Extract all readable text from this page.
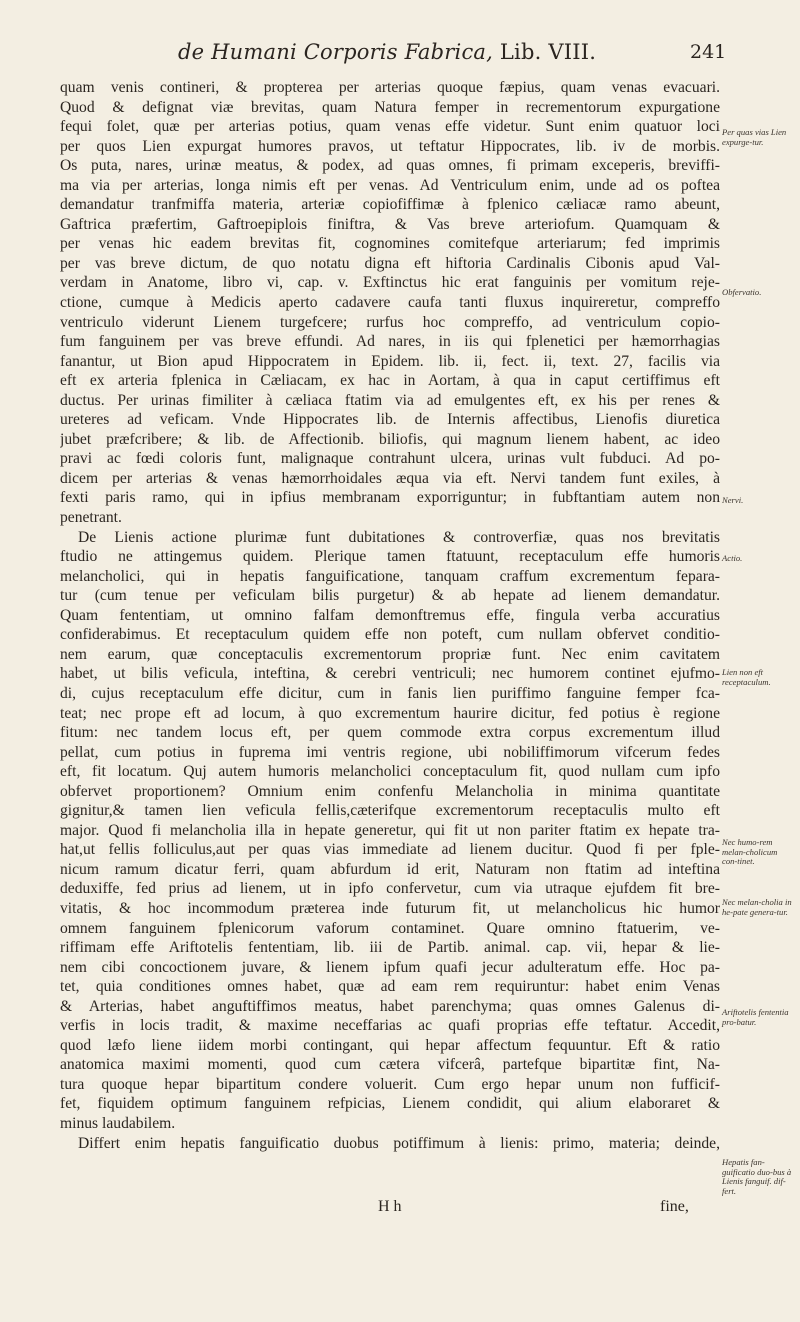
de Humani Corporis Fabrica, Lib. VIII.	241
quam venis contineri, & propterea per arterias quoque fæpius, quam venas evacuari.
Quod & defignat viæ brevitas, quam Natura femper in recrementorum expurgatione
fequi folet, quæ per arterias potius, quam venas effe videtur. Sunt enim quatuor loci
per quos Lien expurgat humores pravos, ut teftatur Hippocrates, lib. iv de morbis.
Os puta, nares, urinæ meatus, & podex, ad quas omnes, fi primam exceperis, breviffi-
ma via per arterias, longa nimis eft per venas. Ad Ventriculum enim, unde ad os poftea
demandatur tranfmiffa materia, arteriæ copiofiffimæ à fplenico cæliacæ ramo abeunt,
Gaftrica præfertim, Gaftroepiplois finiftra, & Vas breve arteriofum. Quamquam &
per venas hic eadem brevitas fit, cognomines comitefque arteriarum; fed imprimis
per vas breve dictum, de quo notatu digna eft hiftoria Cardinalis Cibonis apud Val-
verdam in Anatome, libro vi, cap. v. Exftinctus hic erat fanguinis per vomitum reje-
ctione, cumque à Medicis aperto cadavere caufa tanti fluxus inquireretur, compreffo
ventriculo viderunt Lienem turgefcere; rurfus hoc compreffo, ad ventriculum copio-
fum fanguinem per vas breve effundi. Ad nares, in iis qui fplenetici per hæmorrhagias
fanantur, ut Bion apud Hippocratem in Epidem. lib. ii, fect. ii, text. 27, facilis via
eft ex arteria fplenica in Cæliacam, ex hac in Aortam, à qua in caput certiffimus eft
ductus. Per urinas fimiliter à cæliaca ftatim via ad emulgentes eft, ex his per renes &
ureteres ad veficam. Vnde Hippocrates lib. de Internis affectibus, Lienofis diuretica
jubet præfcribere; & lib. de Affectionib. biliofis, qui magnum lienem habent, ac ideo
pravi ac fœdi coloris funt, malignaque contrahunt ulcera, urinas vult fubduci. Ad po-
dicem per arterias & venas hæmorrhoidales æqua via eft. Nervi tandem funt exiles, à
fexti paris ramo, qui in ipfius membranam exporriguntur; in fubftantiam autem non
penetrant.
De Lienis actione plurimæ funt dubitationes & controverfiæ, quas nos brevitatis
ftudio ne attingemus quidem. Plerique tamen ftatuunt, receptaculum effe humoris
melancholici, qui in hepatis fanguificatione, tanquam craffum excrementum fepara-
tur (cum tenue per veficulam bilis purgetur) & ab hepate ad lienem demandatur.
Quam fententiam, ut omnino falfam demonftremus effe, fingula verba accuratius
confiderabimus. Et receptaculum quidem effe non poteft, cum nullam obfervet conditio-
nem earum, quæ conceptaculis excrementorum propriæ funt. Nec enim cavitatem
habet, ut bilis veficula, inteftina, & cerebri ventriculi; nec humorem continet ejufmo-
di, cujus receptaculum effe dicitur, cum in fanis lien puriffimo fanguine femper fca-
teat; nec prope eft ad locum, à quo excrementum haurire dicitur, fed potius è regione
fitum: nec tandem locus eft, per quem commode extra corpus excrementum illud
pellat, cum potius in fuprema imi ventris regione, ubi nobiliffimorum vifcerum fedes
eft, fit locatum. Quj autem humoris melancholici conceptaculum fit, quod nullam cum ipfo
obfervet proportionem? Omnium enim confenfu Melancholia in minima quantitate
gignitur,& tamen lien veficula fellis,cæterifque excrementorum receptaculis multo eft
major. Quod fi melancholia illa in hepate generetur, qui fit ut non pariter ftatim ex hepate tra-
hat,ut fellis folliculus,aut per quas vias immediate ad lienem ducitur. Quod fi per fple-
nicum ramum dicatur ferri, quam abfurdum id erit, Naturam non ftatim ad inteftina
deduxiffe, fed prius ad lienem, ut in ipfo confervetur, cum via utraque ejufdem fit bre-
vitatis, & hoc incommodum præterea inde futurum fit, ut melancholicus hic humor
omnem fanguinem fplenicorum vaforum contaminet. Quare omnino ftatuerim, ve-
riffimam effe Ariftotelis fententiam, lib. iii de Partib. animal. cap. vii, hepar & lie-
nem cibi concoctionem juvare, & lienem ipfum quafi jecur adulteratum effe. Hoc pa-
tet, quia conditiones omnes habet, quæ ad eam rem requiruntur: habet enim Venas
& Arterias, habet anguftiffimos meatus, habet parenchyma; quas omnes Galenus di-
verfis in locis tradit, & maxime neceffarias ac quafi proprias effe teftatur. Accedit,
quod læfo liene iidem morbi contingant, qui hepar affectum fequuntur. Eft & ratio
anatomica maximi momenti, quod cum cætera vifcerâ, partefque bipartitæ fint, Na-
tura quoque hepar bipartitum condere voluerit. Cum ergo hepar unum non fufficif-
fet, fiquidem optimum fanguinem refpicias, Lienem condidit, qui alium elaboraret &
minus laudabilem.
Differt enim hepatis fanguificatio duobus potiffimum à lienis: primo, materia; deinde,
Per quas vias Lien expurge-tur.
Obfervatio.
Nervi.
Actio.
Lien non eft receptaculum.
Nec humo-rem melan-cholicum con-tinet.
Nec melan-cholia in he-pate genera-tur.
Ariftotelis fententia pro-batur.
Hepatis fan-guificatio duo-bus à Lienis fanguif. dif-fert.
H h	fine,
